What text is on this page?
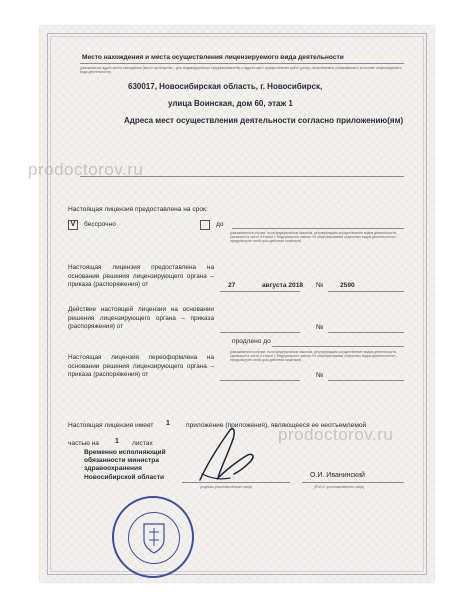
Место нахождения и места осуществления лицензируемого вида деятельности
(указываются адрес места нахождения (место жительства – для индивидуального предпринимателя) и адреса мест осуществления работ (услуг), выполняемых (оказываемых) в составе лицензируемого вида деятельности)
630017, Новосибирская область, г. Новосибирск,
улица Воинская, дом 60, этаж 1
Адреса мест осуществления деятельности согласно приложению(ям)
Настоящая лицензия предоставлена на срок:
V	бессрочно	до
(указывается в случае, если федеральным законом, регулирующим осуществление видов деятельности, указанных в части 4 статьи 1 Федерального закона «О лицензировании отдельных видов деятельности», предусмотрен иной срок действия лицензии)
Настоящая лицензия предоставлена на основании решения лицензирующего органа – приказа (распоряжения) от	27	августа 2018 № 2590
Действие настоящей лицензии на основании решения лицензирующего органа – приказа (распоряжения) от	№
продлено до
(указывается в случае, если федеральным законом, регулирующим осуществление видов деятельности, указанных в части 4 статьи 1 Федерального закона «О лицензировании отдельных видов деятельности», предусмотрен иной срок действия лицензии)
Настоящая лицензия переоформлена на основании решения лицензирующего органа – приказа (распоряжения) от	№
Настоящая лицензия имеет 1 приложение (приложения), являющееся ее неотъемлемой
частью на 1 листах
Временно исполняющий
обязанности министра
здравоохранения
Новосибирской области
(подпись уполномоченного лица)
О.И. Иванинский
(Ф.И.О. уполномоченного лица)
prodoctorov.ru
prodoctorov.ru
